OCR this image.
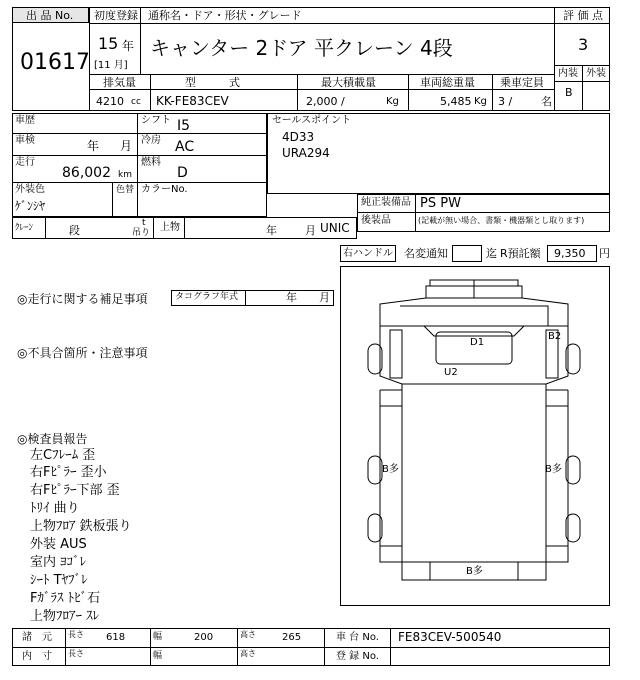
出 品 No.
01617
初度登録 通称名・ドア・形状・グレード
15 年
[11 月]
キャンター 2ドア 平クレーン 4段
評 価 点
3
内装 外装
B
排気量	型　　　式	最大積載量	車両総重量 乗車定員
4210 cc KK-FE83CEV	2,000 /	Kg	5,485 Kg 3 /	名
車歴	シフト I5
車検	年 月 冷房 AC
走行
86,002 km
燃料
D
外装色
ｹﾞﾝｼﾔ
色替 カラーNo.
セールスポイント
4D33
URA294
純正装備品 PS PW
後装品	(記載が無い場合、書類・機器類とし取ります)
ｸﾚｰﾝ	段
t
吊り 上物	年	月 UNIC
右ハンドル 名変通知	迄 R預託額 9,350 円
◎走行に関する補足事項	タコグラフ年式	年 月
◎不具合箇所・注意事項
◎検査員報告
左Cﾌﾚｰﾑ 歪
右Fﾋﾟﾗｰ 歪小
右Fﾋﾟﾗｰ下部 歪
ﾄﾘｲ 曲り
上物ﾌﾛｱ 鉄板張り
外装 AUS
室内 ﾖｺﾞﾚ
ｼｰﾄ Tﾔﾌﾞﾚ
Fｶﾞﾗｽ ﾄﾋﾞ石
上物ﾌﾛｱｰ ｽﾚ
D1
B2
U2
B多	B多
B多
諸　元 長さ 618	幅	200	高さ	265	車 台 No. FE83CEV-500540
内　寸 長さ	幅	高さ	登 録 No.
